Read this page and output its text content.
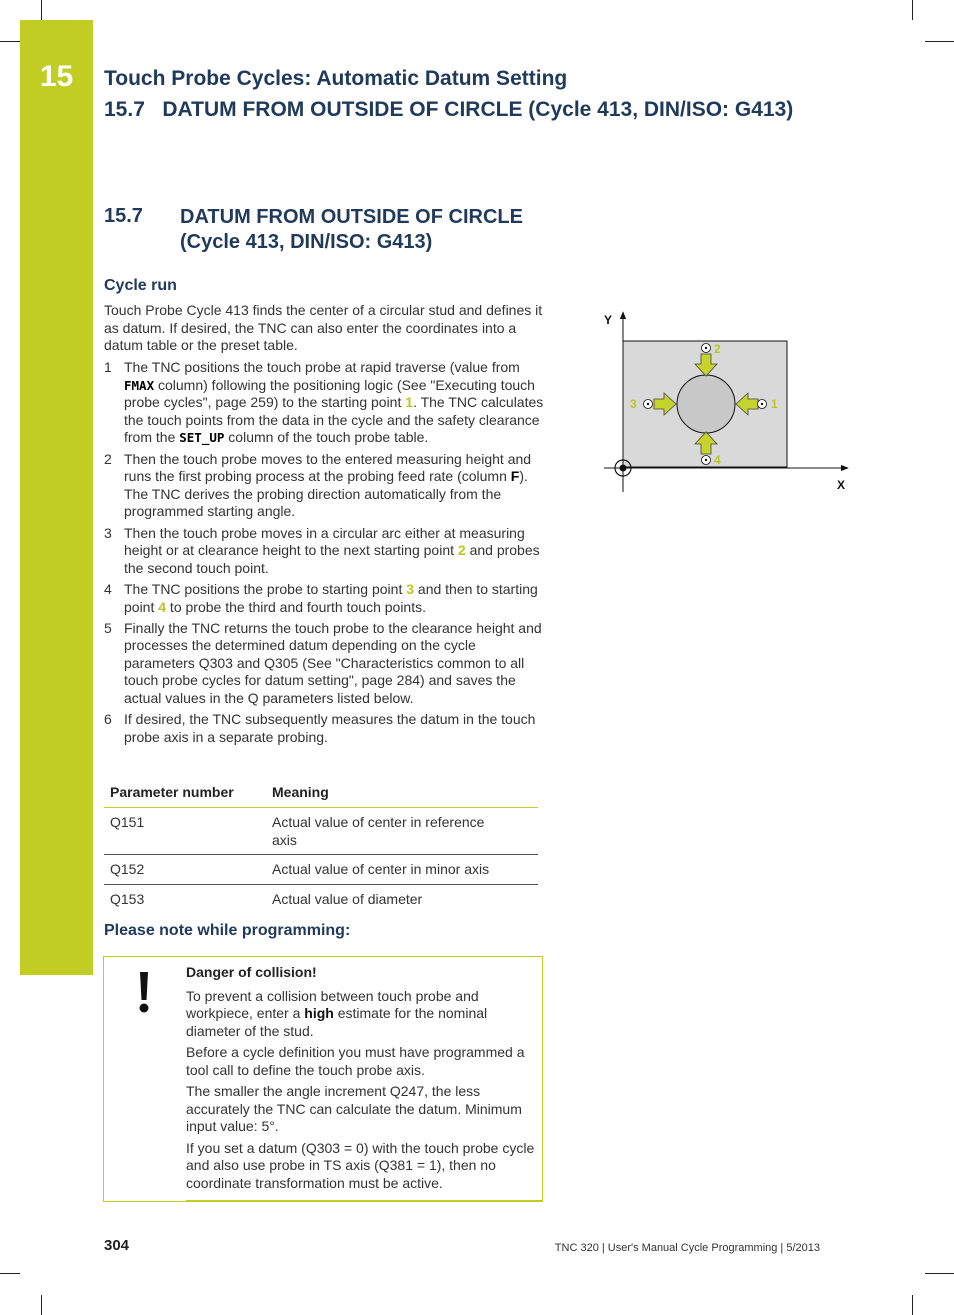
15	Touch Probe Cycles: Automatic Datum Setting
15.7   DATUM FROM OUTSIDE OF CIRCLE (Cycle 413, DIN/ISO: G413)
15.7 DATUM FROM OUTSIDE OF CIRCLE
(Cycle 413, DIN/ISO: G413)
Cycle run
Touch Probe Cycle 413 finds the center of a circular stud and defines it as datum. If desired, the TNC can also enter the coordinates into a datum table or the preset table.
1 The TNC positions the touch probe at rapid traverse (value from FMAX column) following the positioning logic (See "Executing touch probe cycles", page 259) to the starting point 1. The TNC calculates the touch points from the data in the cycle and the safety clearance from the SET_UP column of the touch probe table.
2 Then the touch probe moves to the entered measuring height and runs the first probing process at the probing feed rate (column F). The TNC derives the probing direction automatically from the programmed starting angle.
3 Then the touch probe moves in a circular arc either at measuring height or at clearance height to the next starting point 2 and probes the second touch point.
4 The TNC positions the probe to starting point 3 and then to starting point 4 to probe the third and fourth touch points.
5 Finally the TNC returns the touch probe to the clearance height and processes the determined datum depending on the cycle parameters Q303 and Q305 (See "Characteristics common to all touch probe cycles for datum setting", page 284) and saves the actual values in the Q parameters listed below.
6 If desired, the TNC subsequently measures the datum in the touch probe axis in a separate probing.
Parameter number	Meaning
Q151	Actual value of center in reference axis
Q152	Actual value of center in minor axis
Q153	Actual value of diameter
Please note while programming:

Danger of collision!

To prevent a collision between touch probe and workpiece, enter a high estimate for the nominal diameter of the stud.

Before a cycle definition you must have programmed a tool call to define the touch probe axis.

The smaller the angle increment Q247, the less accurately the TNC can calculate the datum. Minimum input value: 5°.

If you set a datum (Q303 = 0) with the touch probe cycle and also use probe in TS axis (Q381 = 1), then no coordinate transformation must be active.

Y
X
2
4
3	1
304	TNC 320 | User's Manual Cycle Programming | 5/2013
